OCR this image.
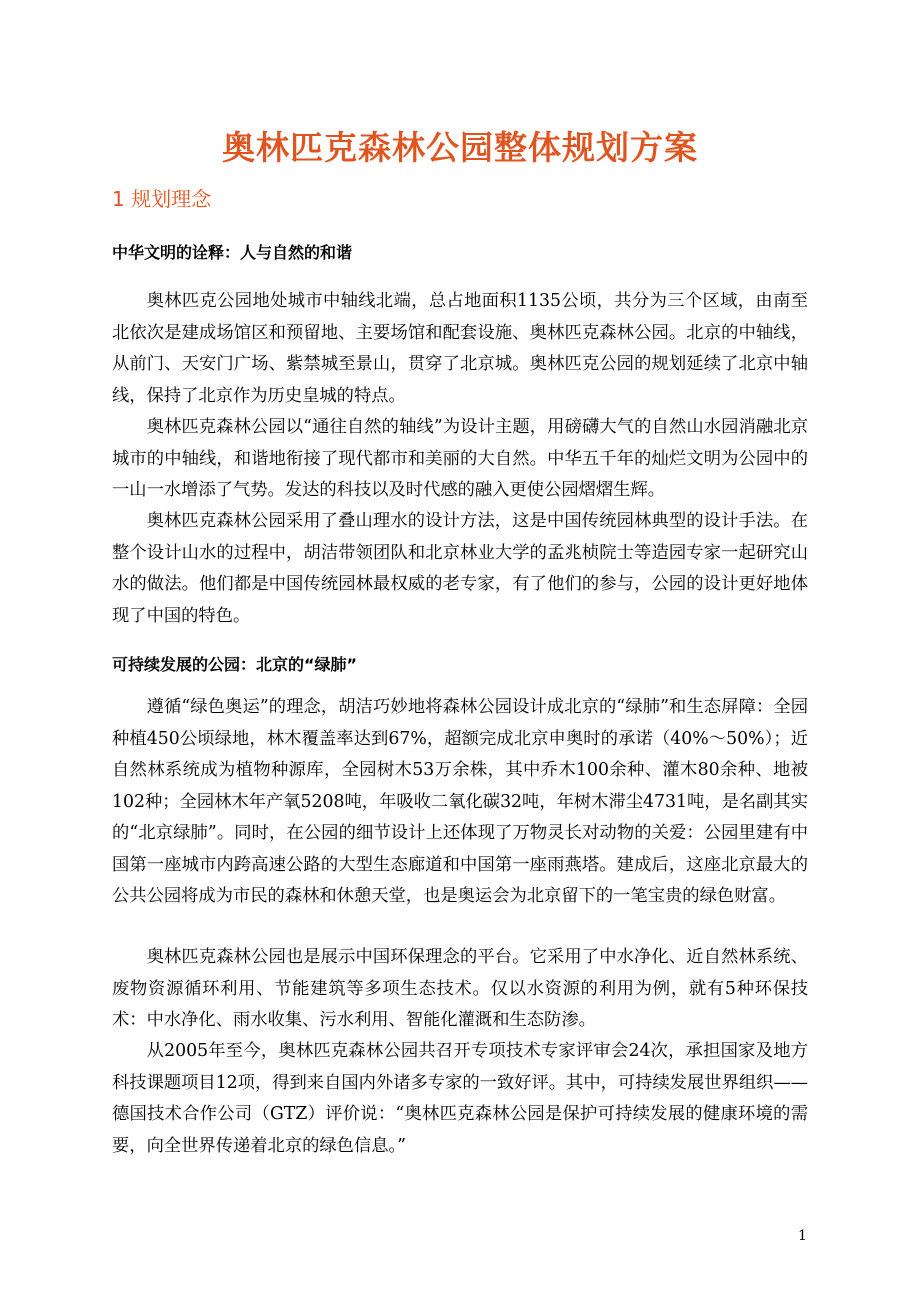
奥林匹克森林公园整体规划方案
1 规划理念
中华文明的诠释：人与自然的和谐

奥林匹克公园地处城市中轴线北端，总占地面积1135公顷，共分为三个区域，由南至北依次是建成场馆区和预留地、主要场馆和配套设施、奥林匹克森林公园。北京的中轴线，从前门、天安门广场、紫禁城至景山，贯穿了北京城。奥林匹克公园的规划延续了北京中轴线，保持了北京作为历史皇城的特点。

奥林匹克森林公园以“通往自然的轴线”为设计主题，用磅礴大气的自然山水园消融北京城市的中轴线，和谐地衔接了现代都市和美丽的大自然。中华五千年的灿烂文明为公园中的一山一水增添了气势。发达的科技以及时代感的融入更使公园熠熠生辉。

奥林匹克森林公园采用了叠山理水的设计方法，这是中国传统园林典型的设计手法。在整个设计山水的过程中，胡洁带领团队和北京林业大学的孟兆桢院士等造园专家一起研究山水的做法。他们都是中国传统园林最权威的老专家，有了他们的参与，公园的设计更好地体现了中国的特色。

可持续发展的公园：北京的“绿肺”

遵循“绿色奥运”的理念，胡洁巧妙地将森林公园设计成北京的“绿肺”和生态屏障：全园种植450公顷绿地，林木覆盖率达到67%，超额完成北京申奥时的承诺（40%～50%）；近自然林系统成为植物种源库，全园树木53万余株，其中乔木100余种、灌木80余种、地被102种；全园林木年产氧5208吨，年吸收二氧化碳32吨，年树木滞尘4731吨，是名副其实的“北京绿肺”。同时，在公园的细节设计上还体现了万物灵长对动物的关爱：公园里建有中国第一座城市内跨高速公路的大型生态廊道和中国第一座雨燕塔。建成后，这座北京最大的公共公园将成为市民的森林和休憩天堂，也是奥运会为北京留下的一笔宝贵的绿色财富。

奥林匹克森林公园也是展示中国环保理念的平台。它采用了中水净化、近自然林系统、废物资源循环利用、节能建筑等多项生态技术。仅以水资源的利用为例，就有5种环保技术：中水净化、雨水收集、污水利用、智能化灌溉和生态防渗。

从2005年至今，奥林匹克森林公园共召开专项技术专家评审会24次，承担国家及地方科技课题项目12项，得到来自国内外诸多专家的一致好评。其中，可持续发展世界组织——德国技术合作公司（GTZ）评价说：“奥林匹克森林公园是保护可持续发展的健康环境的需要，向全世界传递着北京的绿色信息。”

1
